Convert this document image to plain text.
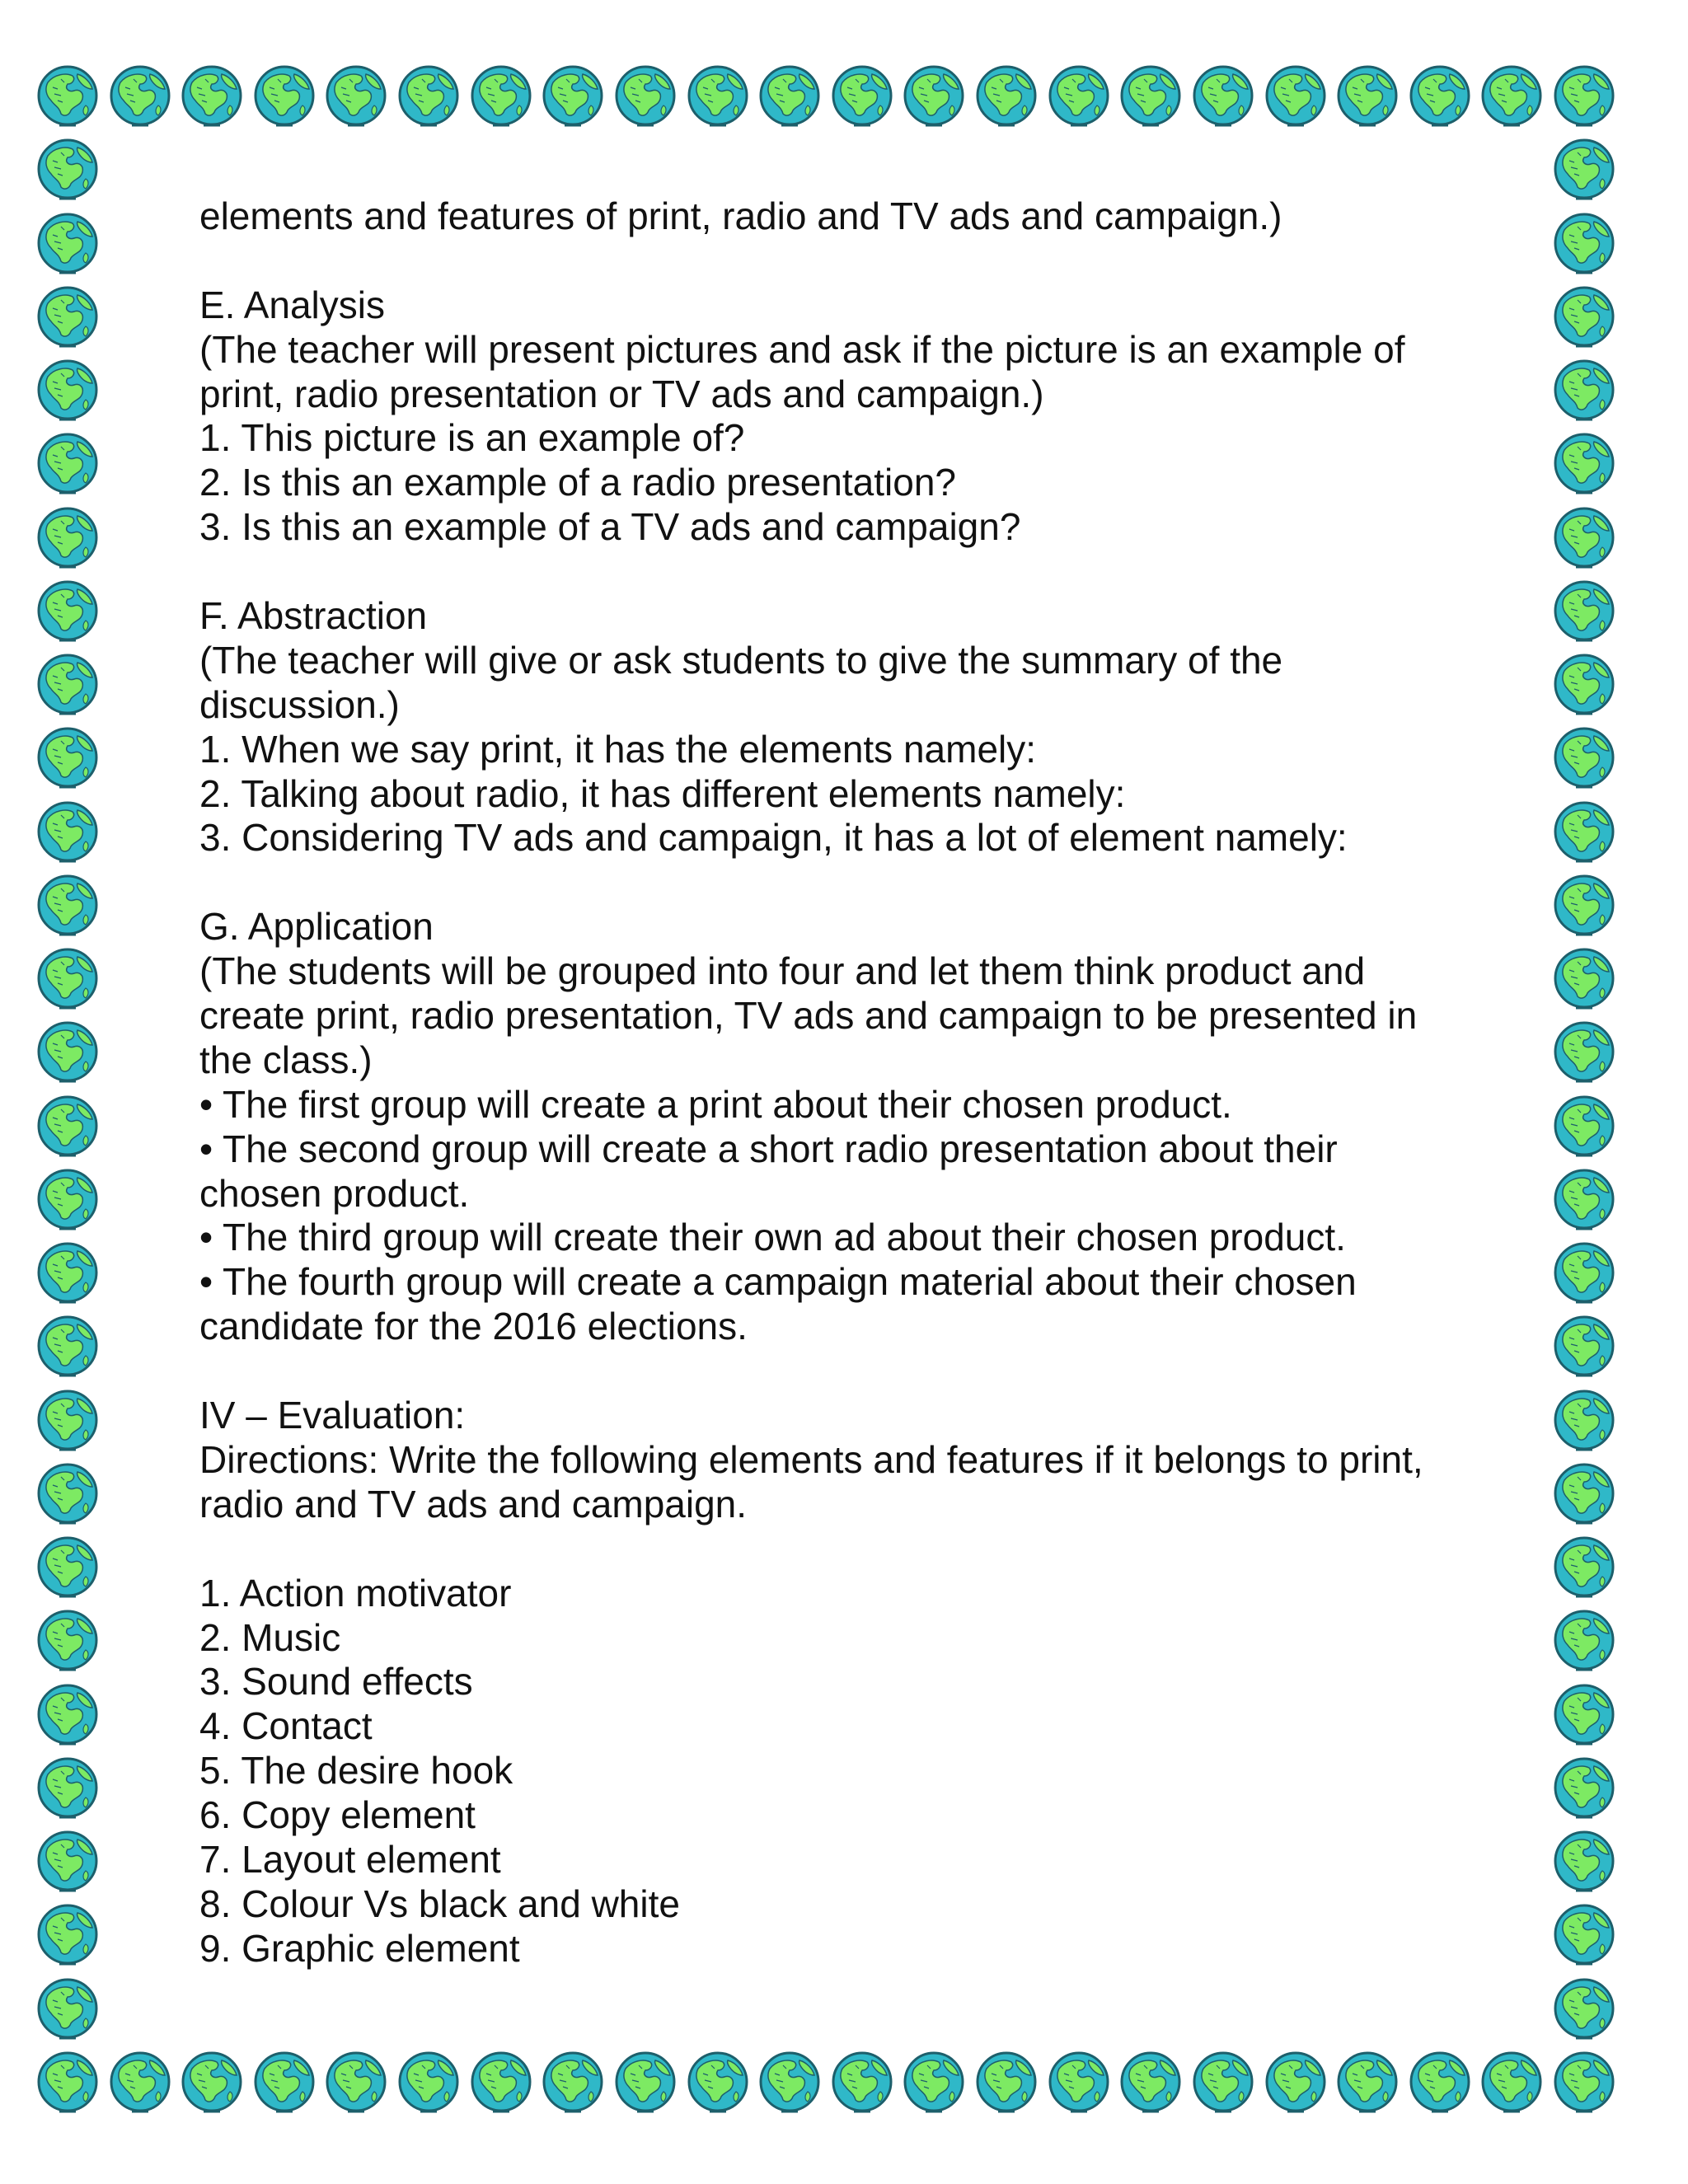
elements and features of print, radio and TV ads and campaign.)
E. Analysis
(The teacher will present pictures and ask if the picture is an example of
print, radio presentation or TV ads and campaign.)
1. This picture is an example of?
2. Is this an example of a radio presentation?
3. Is this an example of a TV ads and campaign?
F. Abstraction
(The teacher will give or ask students to give the summary of the
discussion.)
1. When we say print, it has the elements namely:
2. Talking about radio, it has different elements namely:
3. Considering TV ads and campaign, it has a lot of element namely:
G. Application
(The students will be grouped into four and let them think product and
create print, radio presentation, TV ads and campaign to be presented in
the class.)
• The first group will create a print about their chosen product.
• The second group will create a short radio presentation about their
chosen product.
• The third group will create their own ad about their chosen product.
• The fourth group will create a campaign material about their chosen
candidate for the 2016 elections.
IV – Evaluation:
Directions: Write the following elements and features if it belongs to print,
radio and TV ads and campaign.
1. Action motivator
2. Music
3. Sound effects
4. Contact
5. The desire hook
6. Copy element
7. Layout element
8. Colour Vs black and white
9. Graphic element
